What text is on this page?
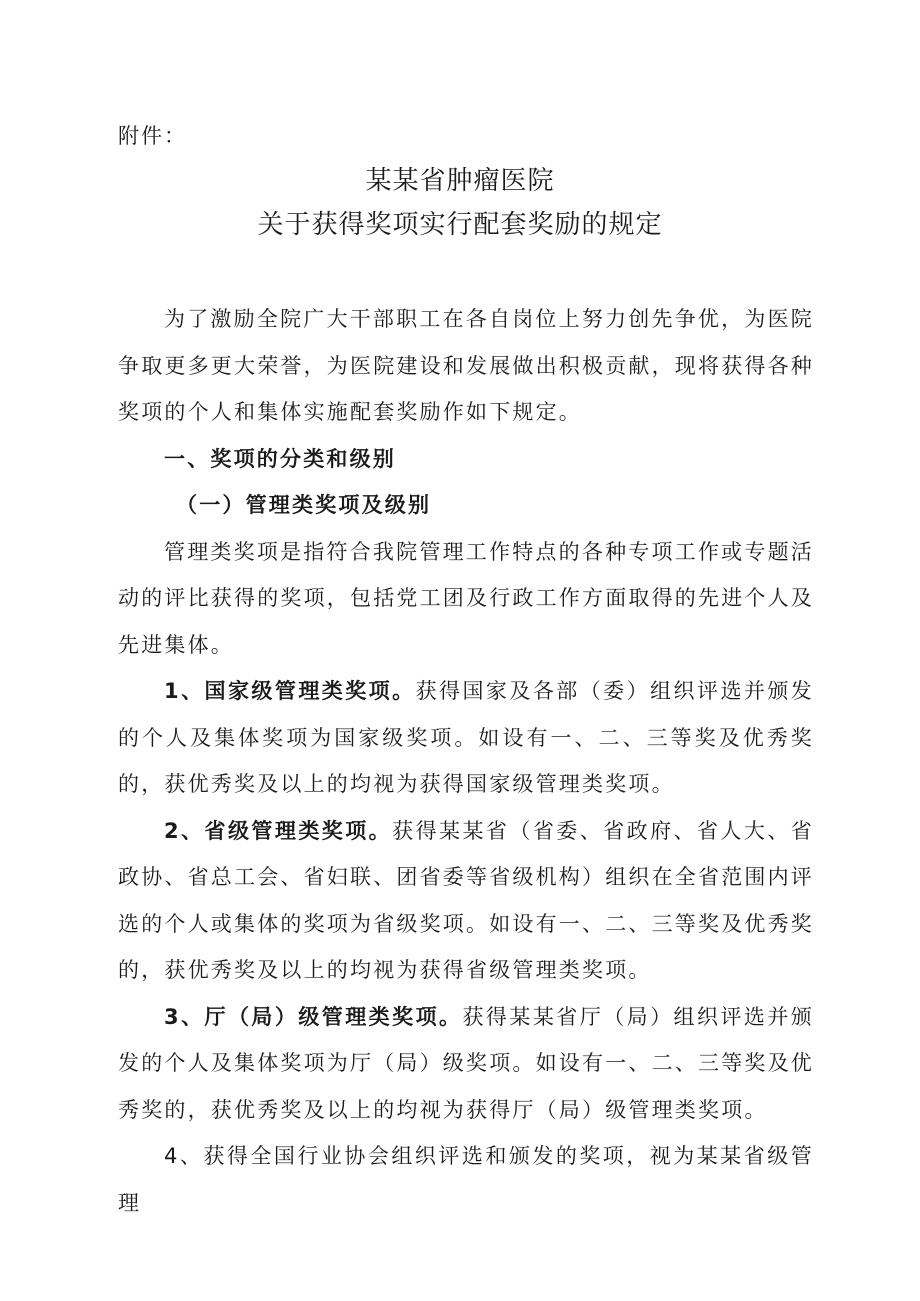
附件：
某某省肿瘤医院
关于获得奖项实行配套奖励的规定

为了激励全院广大干部职工在各自岗位上努力创先争优，为医院争取更多更大荣誉，为医院建设和发展做出积极贡献，现将获得各种奖项的个人和集体实施配套奖励作如下规定。

一、奖项的分类和级别

（一）管理类奖项及级别

管理类奖项是指符合我院管理工作特点的各种专项工作或专题活动的评比获得的奖项，包括党工团及行政工作方面取得的先进个人及先进集体。

1、国家级管理类奖项。获得国家及各部（委）组织评选并颁发的个人及集体奖项为国家级奖项。如设有一、二、三等奖及优秀奖的，获优秀奖及以上的均视为获得国家级管理类奖项。

2、省级管理类奖项。获得某某省（省委、省政府、省人大、省政协、省总工会、省妇联、团省委等省级机构）组织在全省范围内评选的个人或集体的奖项为省级奖项。如设有一、二、三等奖及优秀奖的，获优秀奖及以上的均视为获得省级管理类奖项。

3、厅（局）级管理类奖项。获得某某省厅（局）组织评选并颁发的个人及集体奖项为厅（局）级奖项。如设有一、二、三等奖及优秀奖的，获优秀奖及以上的均视为获得厅（局）级管理类奖项。

4、获得全国行业协会组织评选和颁发的奖项，视为某某省级管理
